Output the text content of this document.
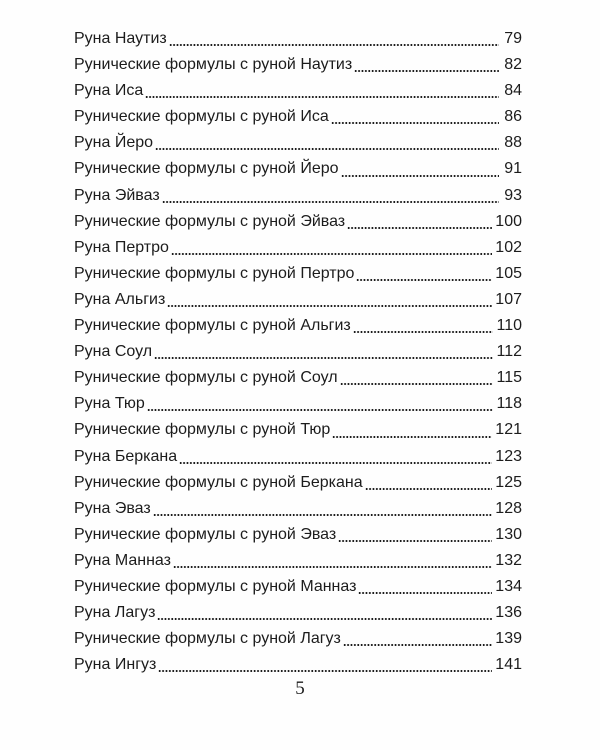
Руна Наутиз	79
Рунические формулы с руной Наутиз	82
Руна Иса	84
Рунические формулы с руной Иса	86
Руна Йеро	88
Рунические формулы с руной Йеро	91
Руна Эйваз	93
Рунические формулы с руной Эйваз	100
Руна Пертро	102
Рунические формулы с руной Пертро	105
Руна Альгиз	107
Рунические формулы с руной Альгиз	110
Руна Соул	112
Рунические формулы с руной Соул	115
Руна Тюр	118
Рунические формулы с руной Тюр	121
Руна Беркана	123
Рунические формулы с руной Беркана	125
Руна Эваз	128
Рунические формулы с руной Эваз	130
Руна Манназ	132
Рунические формулы с руной Манназ	134
Руна Лагуз	136
Рунические формулы с руной Лагуз	139
Руна Ингуз	141
5
